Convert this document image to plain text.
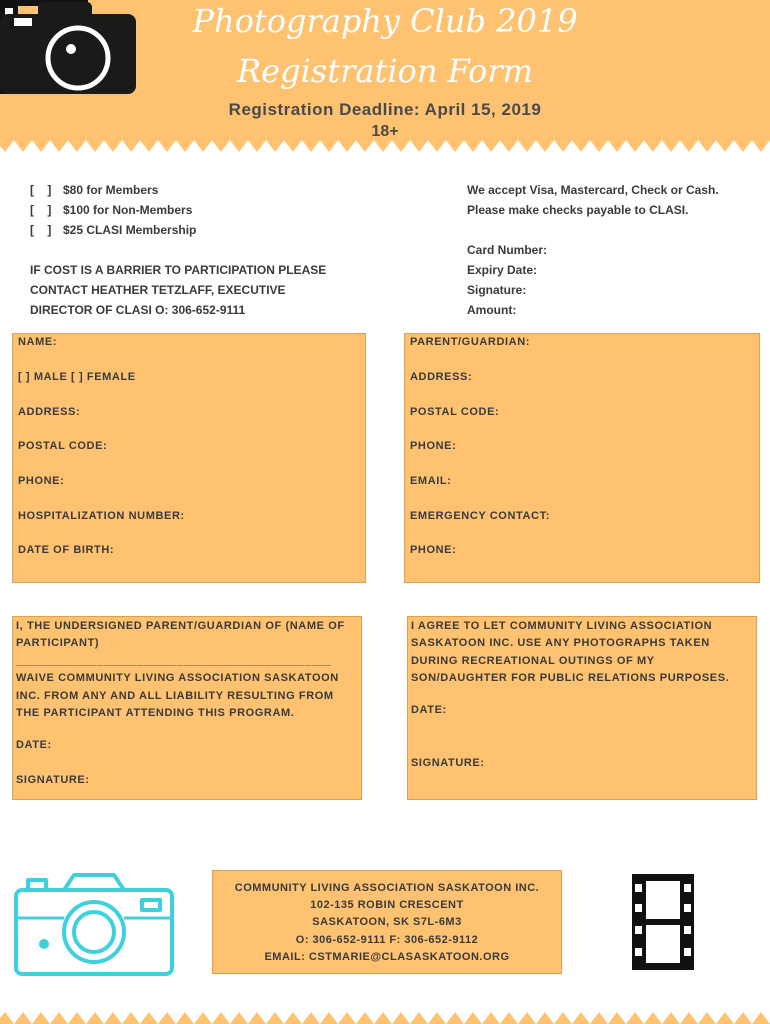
Photography Club 2019
Registration Form
Registration Deadline: April 15, 2019
18+
[    ] $80 for Members
[    ] $100 for Non-Members
[    ] $25 CLASI Membership
IF COST IS A BARRIER TO PARTICIPATION PLEASE
CONTACT HEATHER TETZLAFF, EXECUTIVE
DIRECTOR OF CLASI O: 306-652-9111
We accept Visa, Mastercard, Check or Cash.
Please make checks payable to CLASI.
Card Number:
Expiry Date:
Signature:
Amount:
NAME:
[ ] MALE [ ] FEMALE
ADDRESS:
POSTAL CODE:
PHONE:
HOSPITALIZATION NUMBER:
DATE OF BIRTH:
PARENT/GUARDIAN:
ADDRESS:
POSTAL CODE:
PHONE:
EMAIL:
EMERGENCY CONTACT:
PHONE:
I, THE UNDERSIGNED PARENT/GUARDIAN OF (NAME OF
PARTICIPANT)
_______________________________________________
WAIVE COMMUNITY LIVING ASSOCIATION SASKATOON
INC. FROM ANY AND ALL LIABILITY RESULTING FROM
THE PARTICIPANT ATTENDING THIS PROGRAM.
DATE:
SIGNATURE:
I AGREE TO LET COMMUNITY LIVING ASSOCIATION
SASKATOON INC. USE ANY PHOTOGRAPHS TAKEN
DURING RECREATIONAL OUTINGS OF MY
SON/DAUGHTER FOR PUBLIC RELATIONS PURPOSES.
DATE:
SIGNATURE:
COMMUNITY LIVING ASSOCIATION SASKATOON INC.
102-135 ROBIN CRESCENT
SASKATOON, SK S7L-6M3
O: 306-652-9111 F: 306-652-9112
EMAIL: CSTMARIE@CLASASKATOON.ORG
